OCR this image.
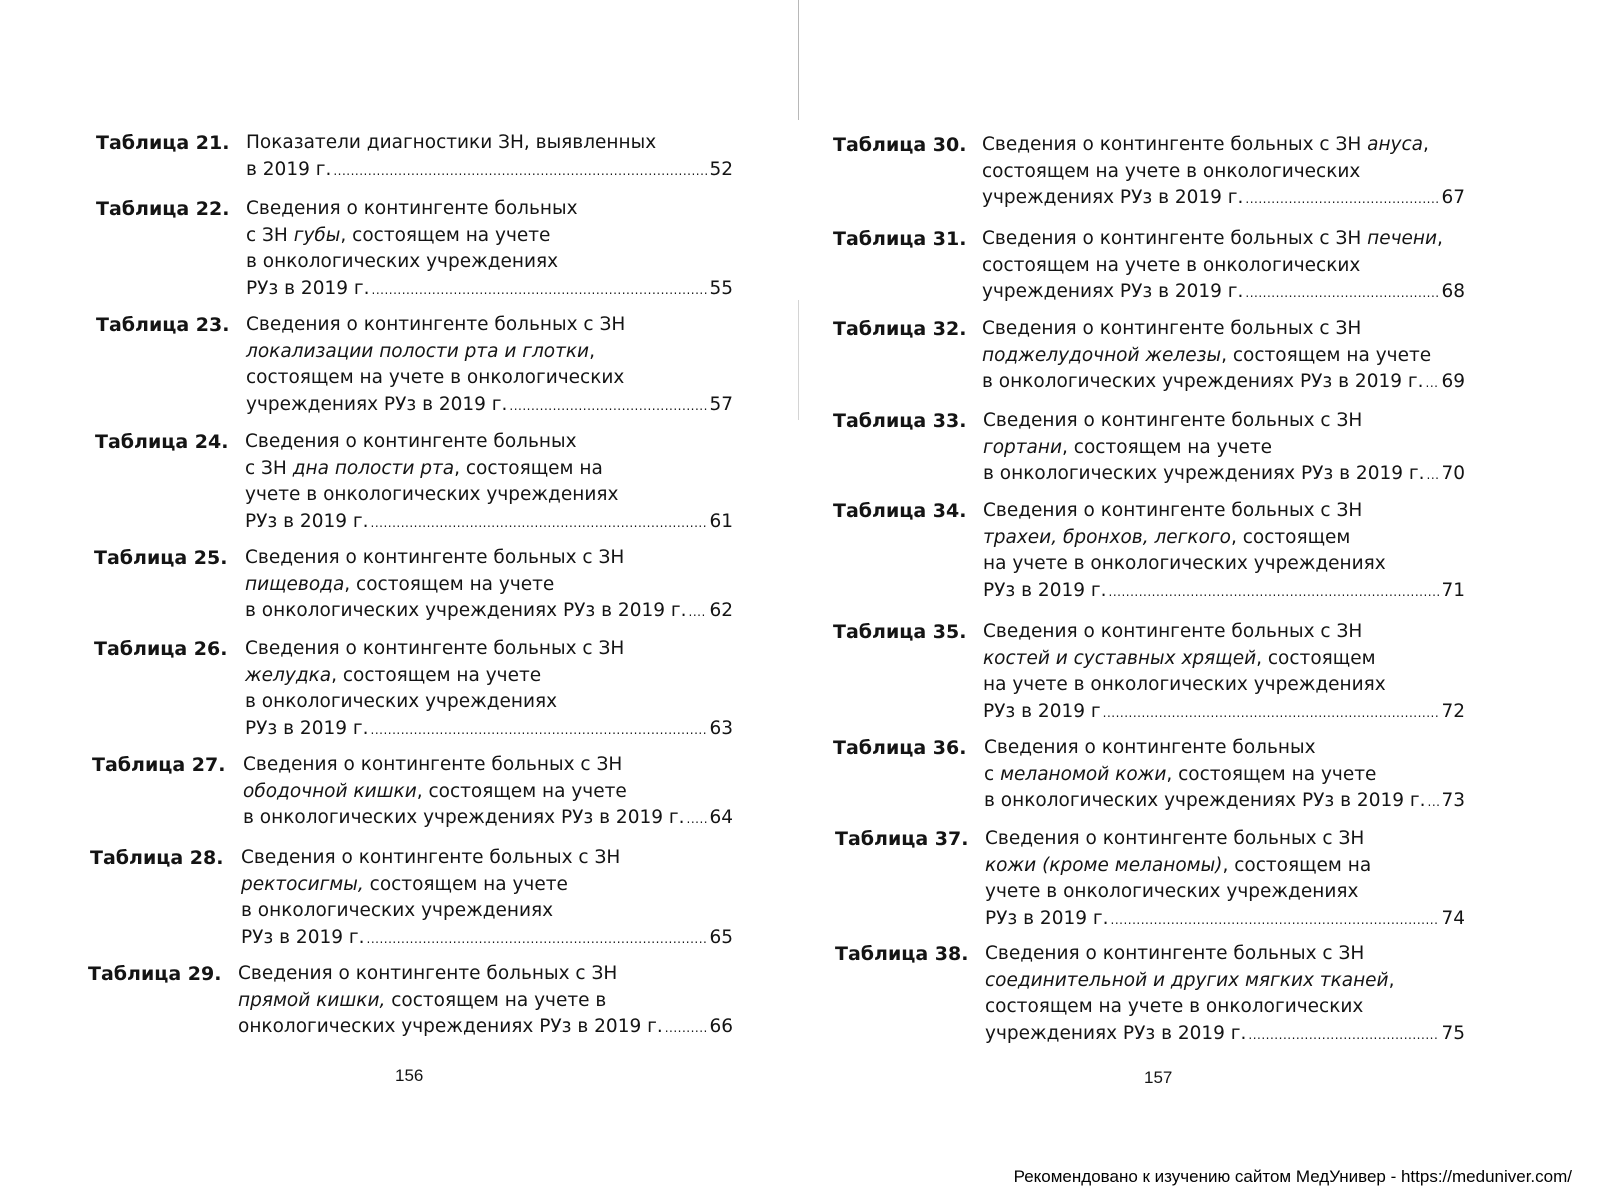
Таблица 21. Показатели диагностики ЗН, выявленных
в 2019 г. .....	52
Таблица 22. Сведения о контингенте больных
с ЗН губы, состоящем на учете
в онкологических учреждениях
РУз в 2019 г. .....	55
Таблица 23. Сведения о контингенте больных с ЗН
локализации полости рта и глотки,
состоящем на учете в онкологических
учреждениях РУз в 2019 г. .....	57
Таблица 24. Сведения о контингенте больных
с ЗН дна полости рта, состоящем на
учете в онкологических учреждениях
РУз в 2019 г. .....	61
Таблица 25. Сведения о контингенте больных с ЗН
пищевода, состоящем на учете
в онкологических учреждениях РУз в 2019 г. ..... 62
Таблица 26. Сведения о контингенте больных с ЗН
желудка, состоящем на учете
в онкологических учреждениях
РУз в 2019 г. .....	63
Таблица 27. Сведения о контингенте больных с ЗН
ободочной кишки, состоящем на учете
в онкологических учреждениях РУз в 2019 г. ..... 64
Таблица 28. Сведения о контингенте больных с ЗН
ректосигмы, состоящем на учете
в онкологических учреждениях
РУз в 2019 г. .....	65
Таблица 29. Сведения о контингенте больных с ЗН
прямой кишки, состоящем на учете в
онкологических учреждениях РУз в 2019 г. .....	66
156
Таблица 30. Сведения о контингенте больных с ЗН ануса,
состоящем на учете в онкологических
учреждениях РУз в 2019 г. .....	67
Таблица 31. Сведения о контингенте больных с ЗН печени,
состоящем на учете в онкологических
учреждениях РУз в 2019 г. .....	68
Таблица 32. Сведения о контингенте больных с ЗН
поджелудочной железы, состоящем на учете
в онкологических учреждениях РУз в 2019 г. ..... 69
Таблица 33. Сведения о контингенте больных с ЗН
гортани, состоящем на учете
в онкологических учреждениях РУз в 2019 г. ..... 70
Таблица 34. Сведения о контингенте больных с ЗН
трахеи, бронхов, легкого, состоящем
на учете в онкологических учреждениях
РУз в 2019 г. .....	71
Таблица 35. Сведения о контингенте больных с ЗН
костей и суставных хрящей, состоящем
на учете в онкологических учреждениях
РУз в 2019 г .....	72
Таблица 36. Сведения о контингенте больных
с меланомой кожи, состоящем на учете
в онкологических учреждениях РУз в 2019 г. ..... 73
Таблица 37. Сведения о контингенте больных с ЗН
кожи (кроме меланомы), состоящем на
учете в онкологических учреждениях
РУз в 2019 г. .....	74
Таблица 38. Сведения о контингенте больных с ЗН
соединительной и других мягких тканей,
состоящем на учете в онкологических
учреждениях РУз в 2019 г. .....	75
157
Рекомендовано к изучению сайтом МедУнивер - https://meduniver.com/
